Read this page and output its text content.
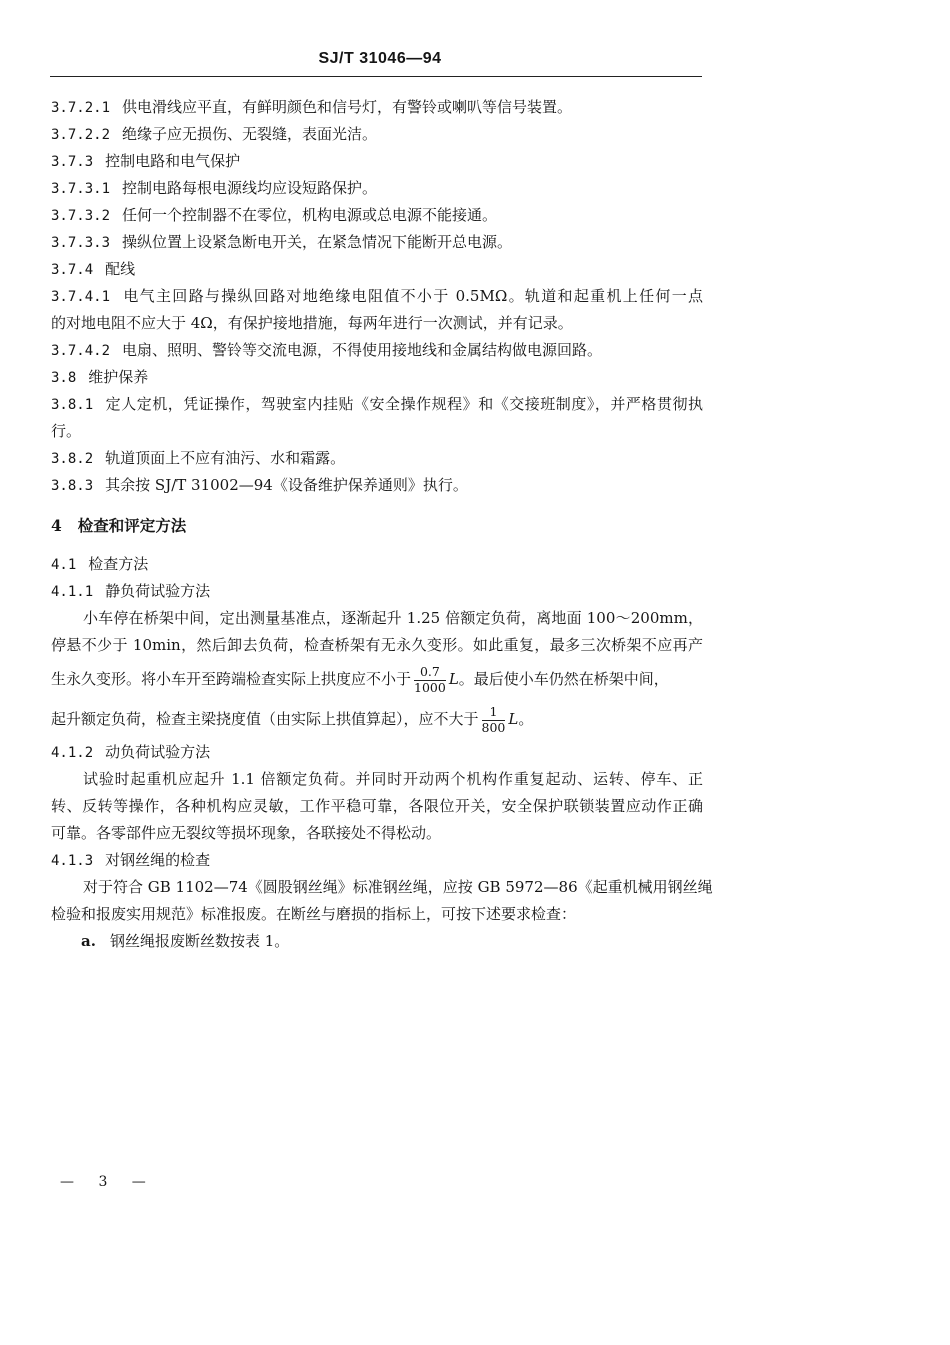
SJ/T 31046—94
3.7.2.1 供电滑线应平直，有鲜明颜色和信号灯，有警铃或喇叭等信号装置。
3.7.2.2 绝缘子应无损伤、无裂缝，表面光洁。
3.7.3 控制电路和电气保护
3.7.3.1 控制电路每根电源线均应设短路保护。
3.7.3.2 任何一个控制器不在零位，机构电源或总电源不能接通。
3.7.3.3 操纵位置上设紧急断电开关，在紧急情况下能断开总电源。
3.7.4 配线
3.7.4.1 电气主回路与操纵回路对地绝缘电阻值不小于 0.5MΩ。轨道和起重机上任何一点
的对地电阻不应大于 4Ω，有保护接地措施，每两年进行一次测试，并有记录。
3.7.4.2 电扇、照明、警铃等交流电源，不得使用接地线和金属结构做电源回路。
3.8 维护保养
3.8.1 定人定机，凭证操作，驾驶室内挂贴《安全操作规程》和《交接班制度》，并严格贯彻执
行。
3.8.2 轨道顶面上不应有油污、水和霜露。
3.8.3 其余按 SJ/T 31002—94《设备维护保养通则》执行。
4 检查和评定方法
4.1 检查方法
4.1.1 静负荷试验方法
小车停在桥架中间，定出测量基准点，逐渐起升 1.25 倍额定负荷，离地面 100～200mm，
停悬不少于 10min，然后卸去负荷，检查桥架有无永久变形。如此重复，最多三次桥架不应再产
生永久变形。将小车开至跨端检查实际上拱度应不小于 $\frac{0.7}{1000}$ L。最后使小车仍然在桥架中间，
起升额定负荷，检查主梁挠度值（由实际上拱值算起），应不大于 $\frac{1}{800}$ L。
4.1.2 动负荷试验方法
试验时起重机应起升 1.1 倍额定负荷。并同时开动两个机构作重复起动、运转、停车、正
转、反转等操作，各种机构应灵敏，工作平稳可靠，各限位开关，安全保护联锁装置应动作正确
可靠。各零部件应无裂纹等损坏现象，各联接处不得松动。
4.1.3 对钢丝绳的检查
对于符合 GB 1102—74《圆股钢丝绳》标准钢丝绳，应按 GB 5972—86《起重机械用钢丝绳
检验和报废实用规范》标准报废。在断丝与磨损的指标上，可按下述要求检查：
a. 钢丝绳报废断丝数按表 1。
— 3 —
